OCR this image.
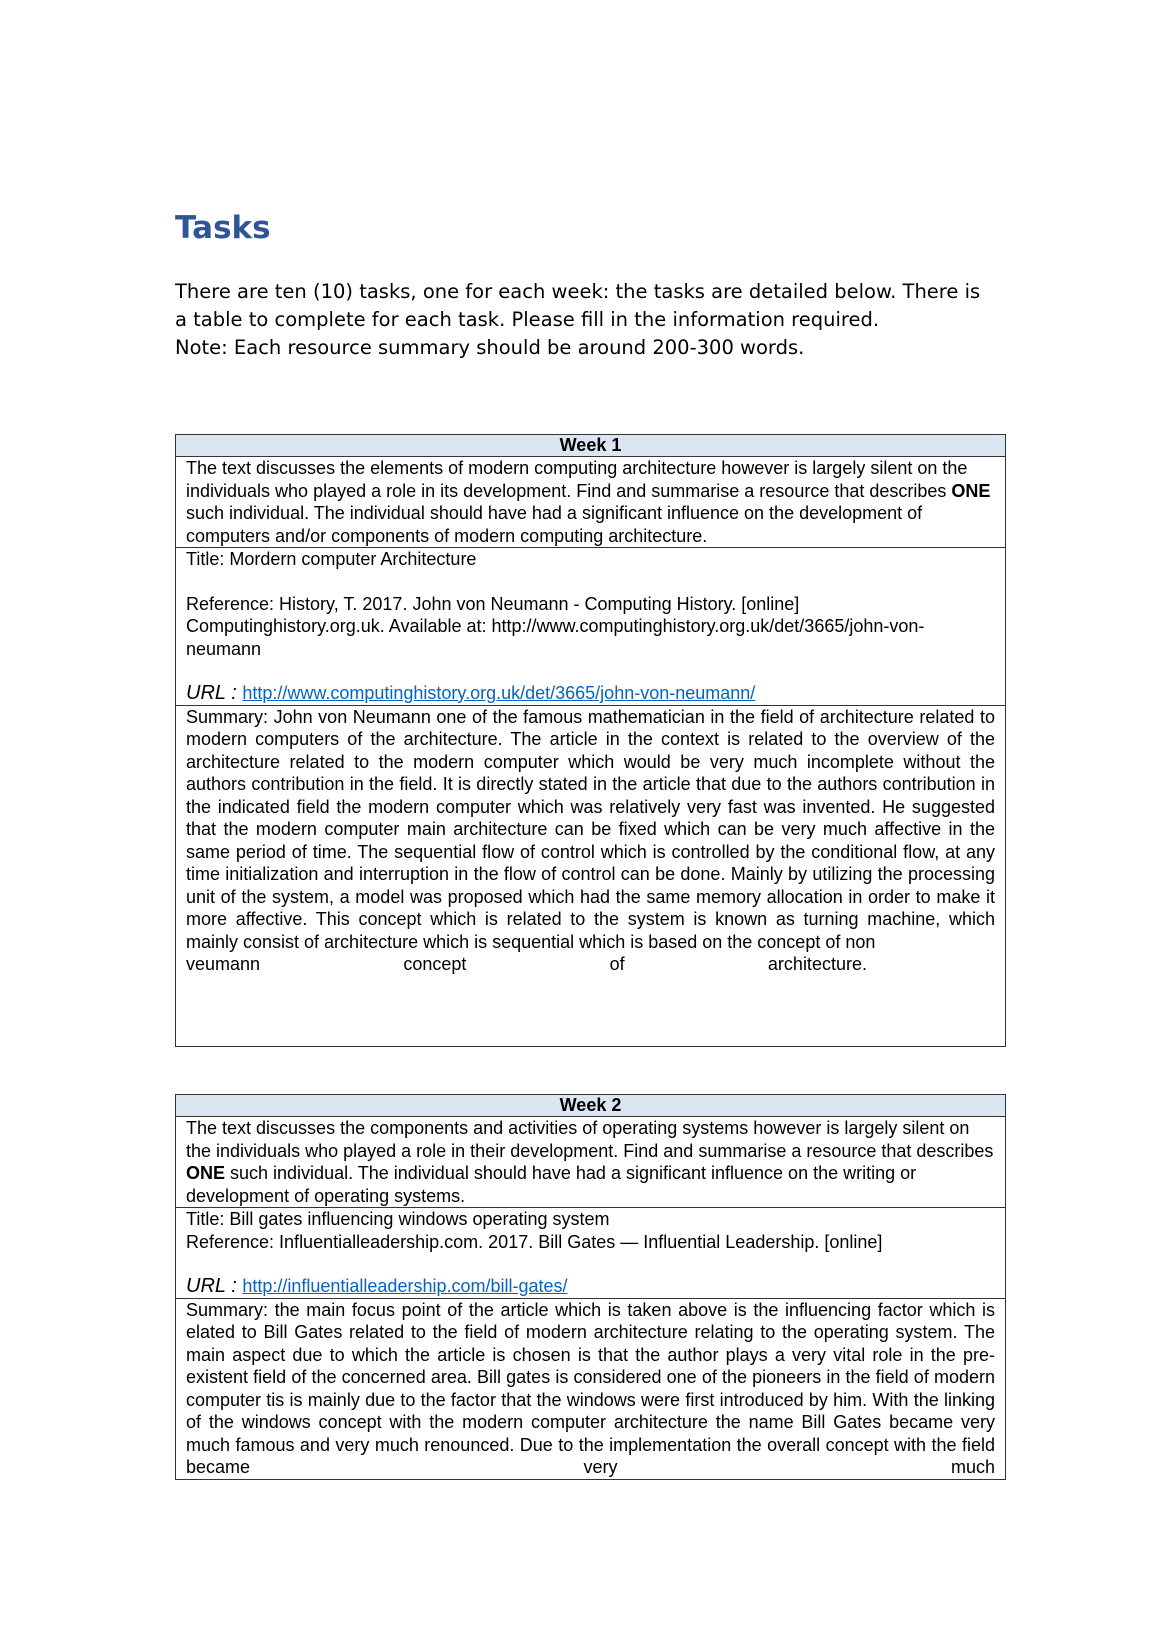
Tasks

There are ten (10) tasks, one for each week: the tasks are detailed below. There is a table to complete for each task. Please fill in the information required.

Note: Each resource summary should be around 200-300 words.

Week 1
The text discusses the elements of modern computing architecture however is largely silent on the individuals who played a role in its development. Find and summarise a resource that describes ONE such individual. The individual should have had a significant influence on the development of computers and/or components of modern computing architecture.

Title: Mordern computer Architecture
Reference: History, T. 2017. John von Neumann - Computing History. [online] Computinghistory.org.uk. Available at: http://www.computinghistory.org.uk/det/3665/john-von-neumann
URL : http://www.computinghistory.org.uk/det/3665/john-von-neumann/

Summary: John von Neumann one of the famous mathematician in the field of architecture related to modern computers of the architecture. The article in the context is related to the overview of the architecture related to the modern computer which would be very much incomplete without the authors contribution in the field. It is directly stated in the article that due to the authors contribution in the indicated field the modern computer which was relatively very fast was invented. He suggested that the modern computer main architecture can be fixed which can be very much affective in the same period of time. The sequential flow of control which is controlled by the conditional flow, at any time initialization and interruption in the flow of control can be done. Mainly by utilizing the processing unit of the system, a model was proposed which had the same memory allocation in order to make it more affective. This concept which is related to the system is known as turning machine, which mainly consist of architecture which is sequential which is based on the concept of non
veumann	concept	of	architecture.
Week 2
The text discusses the components and activities of operating systems however is largely silent on the individuals who played a role in their development. Find and summarise a resource that describes ONE such individual. The individual should have had a significant influence on the writing or development of operating systems.

Title: Bill gates influencing windows operating system
Reference: Influentialleadership.com. 2017. Bill Gates — Influential Leadership. [online]
URL : http://influentialleadership.com/bill-gates/

Summary: the main focus point of the article which is taken above is the influencing factor which is elated to Bill Gates related to the field of modern architecture relating to the operating system. The main aspect due to which the article is chosen is that the author plays a very vital role in the pre-existent field of the concerned area. Bill gates is considered one of the pioneers in the field of modern computer tis is mainly due to the factor that the windows were first introduced by him. With the linking of the windows concept with the modern computer architecture the name Bill Gates became very much famous and very much renounced. Due to the implementation the overall concept with the field became very much
